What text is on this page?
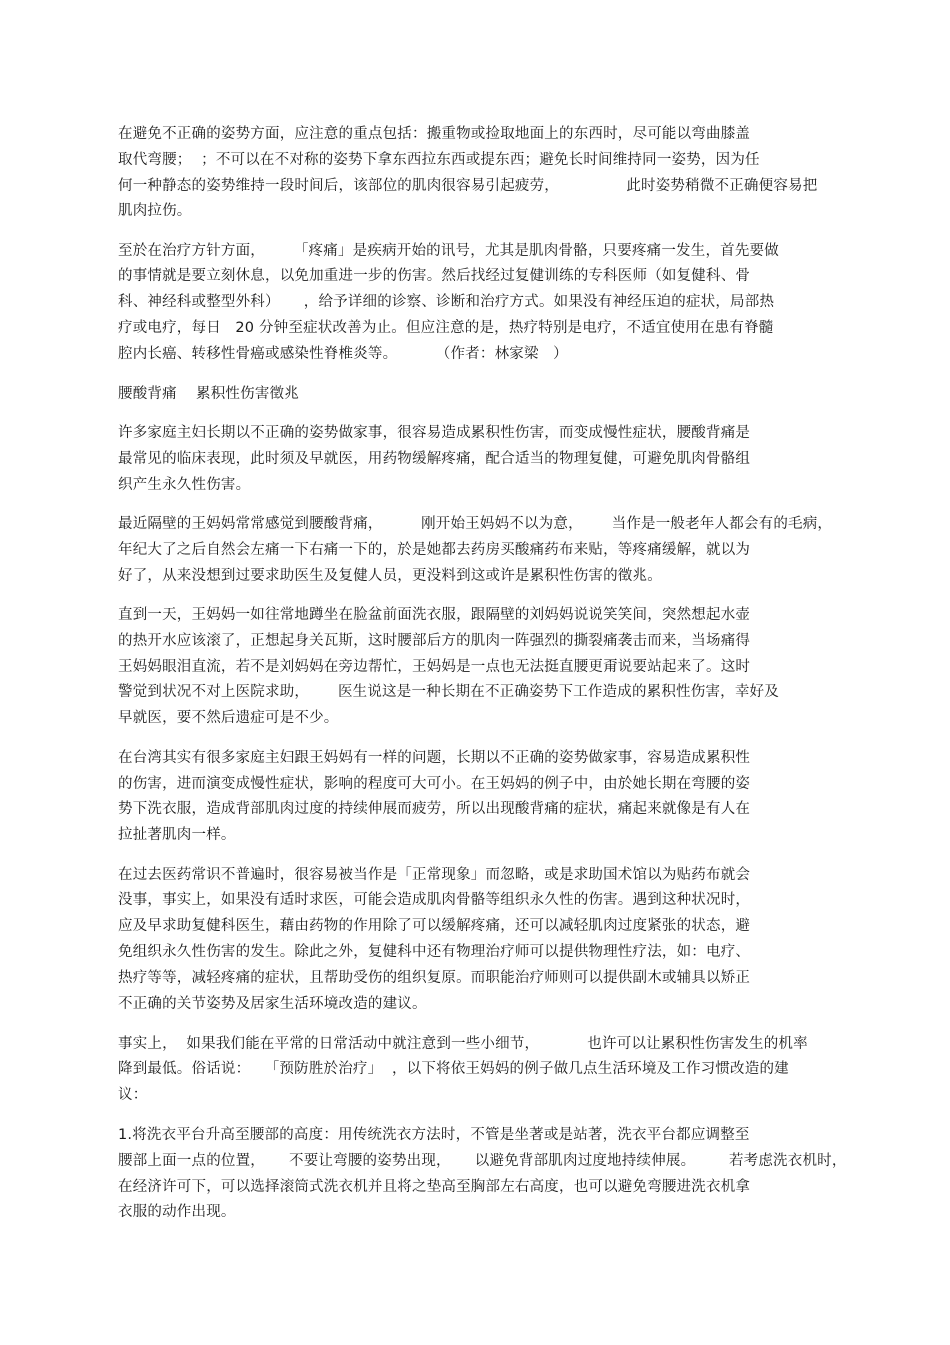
在避免不正确的姿势方面，应注意的重点包括：搬重物或捡取地面上的东西时，尽可能以弯曲膝盖
取代弯腰；  ；不可以在不对称的姿势下拿东西拉东西或提东西；避免长时间维持同一姿势，因为任
何一种静态的姿势维持一段时间后，该部位的肌肉很容易引起疲劳，              此时姿势稍微不正确便容易把
肌肉拉伤。
至於在治疗方针方面，      「疼痛」是疾病开始的讯号，尤其是肌肉骨骼，只要疼痛一发生，首先要做
的事情就是要立刻休息，以免加重进一步的伤害。然后找经过复健训练的专科医师（如复健科、骨
科、神经科或整型外科）     ，给予详细的诊察、诊断和治疗方式。如果没有神经压迫的症状，局部热
疗或电疗，每日   20 分钟至症状改善为止。但应注意的是，热疗特别是电疗，不适宜使用在患有脊髓
腔内长癌、转移性骨癌或感染性脊椎炎等。        （作者：林家梁   ）
腰酸背痛    累积性伤害徵兆
许多家庭主妇长期以不正确的姿势做家事，很容易造成累积性伤害，而变成慢性症状，腰酸背痛是
最常见的临床表现，此时须及早就医，用药物缓解疼痛，配合适当的物理复健，可避免肌肉骨骼组
织产生永久性伤害。
最近隔壁的王妈妈常常感觉到腰酸背痛，        刚开始王妈妈不以为意，      当作是一般老年人都会有的毛病，
年纪大了之后自然会左痛一下右痛一下的，於是她都去药房买酸痛药布来贴，等疼痛缓解，就以为
好了，从来没想到过要求助医生及复健人员，更没料到这或许是累积性伤害的徵兆。
直到一天，王妈妈一如往常地蹲坐在脸盆前面洗衣服，跟隔壁的刘妈妈说说笑笑间，突然想起水壶
的热开水应该滚了，正想起身关瓦斯，这时腰部后方的肌肉一阵强烈的撕裂痛袭击而来，当场痛得
王妈妈眼泪直流，若不是刘妈妈在旁边帮忙，王妈妈是一点也无法挺直腰更甭说要站起来了。这时
警觉到状况不对上医院求助，      医生说这是一种长期在不正确姿势下工作造成的累积性伤害，幸好及
早就医，要不然后遗症可是不少。
在台湾其实有很多家庭主妇跟王妈妈有一样的问题，长期以不正确的姿势做家事，容易造成累积性
的伤害，进而演变成慢性症状，影响的程度可大可小。在王妈妈的例子中，由於她长期在弯腰的姿
势下洗衣服，造成背部肌肉过度的持续伸展而疲劳，所以出现酸背痛的症状，痛起来就像是有人在
拉扯著肌肉一样。
在过去医药常识不普遍时，很容易被当作是「正常现象」而忽略，或是求助国术馆以为贴药布就会
没事，事实上，如果没有适时求医，可能会造成肌肉骨骼等组织永久性的伤害。遇到这种状况时，
应及早求助复健科医生，藉由药物的作用除了可以缓解疼痛，还可以减轻肌肉过度紧张的状态，避
免组织永久性伤害的发生。除此之外，复健科中还有物理治疗师可以提供物理性疗法，如：电疗、
热疗等等，减轻疼痛的症状，且帮助受伤的组织复原。而职能治疗师则可以提供副木或辅具以矫正
不正确的关节姿势及居家生活环境改造的建议。
事实上，  如果我们能在平常的日常活动中就注意到一些小细节，          也许可以让累积性伤害发生的机率
降到最低。俗话说：   「预防胜於治疗」  ，以下将依王妈妈的例子做几点生活环境及工作习惯改造的建
议：
1.将洗衣平台升高至腰部的高度：用传统洗衣方法时，不管是坐著或是站著，洗衣平台都应调整至
腰部上面一点的位置，     不要让弯腰的姿势出现，     以避免背部肌肉过度地持续伸展。       若考虑洗衣机时，
在经济许可下，可以选择滚筒式洗衣机并且将之垫高至胸部左右高度，也可以避免弯腰进洗衣机拿
衣服的动作出现。
